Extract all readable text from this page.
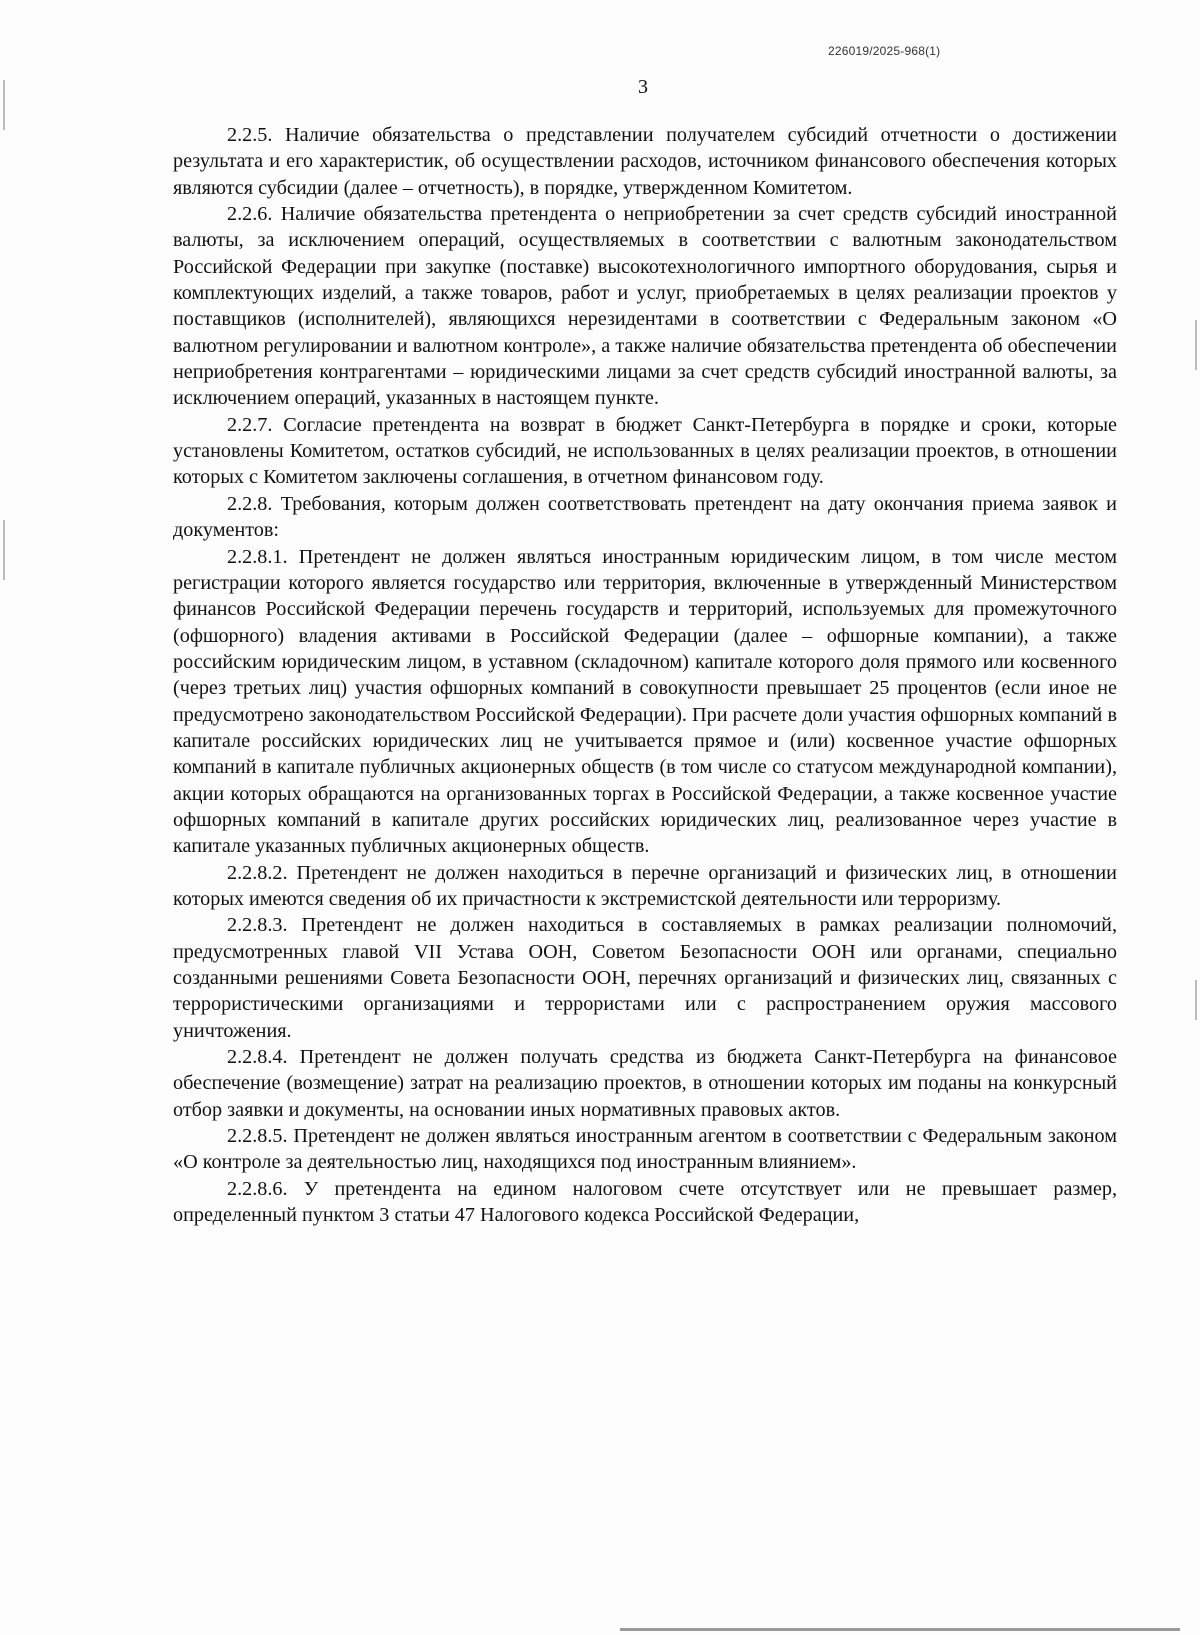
226019/2025-968(1)
3

2.2.5. Наличие обязательства о представлении получателем субсидий отчетности о достижении результата и его характеристик, об осуществлении расходов, источником финансового обеспечения которых являются субсидии (далее – отчетность), в порядке, утвержденном Комитетом.

2.2.6. Наличие обязательства претендента о неприобретении за счет средств субсидий иностранной валюты, за исключением операций, осуществляемых в соответствии с валютным законодательством Российской Федерации при закупке (поставке) высокотехнологичного импортного оборудования, сырья и комплектующих изделий, а также товаров, работ и услуг, приобретаемых в целях реализации проектов у поставщиков (исполнителей), являющихся нерезидентами в соответствии с Федеральным законом «О валютном регулировании и валютном контроле», а также наличие обязательства претендента об обеспечении неприобретения контрагентами – юридическими лицами за счет средств субсидий иностранной валюты, за исключением операций, указанных в настоящем пункте.

2.2.7. Согласие претендента на возврат в бюджет Санкт-Петербурга в порядке и сроки, которые установлены Комитетом, остатков субсидий, не использованных в целях реализации проектов, в отношении которых с Комитетом заключены соглашения, в отчетном финансовом году.

2.2.8. Требования, которым должен соответствовать претендент на дату окончания приема заявок и документов:

2.2.8.1. Претендент не должен являться иностранным юридическим лицом, в том числе местом регистрации которого является государство или территория, включенные в утвержденный Министерством финансов Российской Федерации перечень государств и территорий, используемых для промежуточного (офшорного) владения активами в Российской Федерации (далее – офшорные компании), а также российским юридическим лицом, в уставном (складочном) капитале которого доля прямого или косвенного (через третьих лиц) участия офшорных компаний в совокупности превышает 25 процентов (если иное не предусмотрено законодательством Российской Федерации). При расчете доли участия офшорных компаний в капитале российских юридических лиц не учитывается прямое и (или) косвенное участие офшорных компаний в капитале публичных акционерных обществ (в том числе со статусом международной компании), акции которых обращаются на организованных торгах в Российской Федерации, а также косвенное участие офшорных компаний в капитале других российских юридических лиц, реализованное через участие в капитале указанных публичных акционерных обществ.

2.2.8.2. Претендент не должен находиться в перечне организаций и физических лиц, в отношении которых имеются сведения об их причастности к экстремистской деятельности или терроризму.

2.2.8.3. Претендент не должен находиться в составляемых в рамках реализации полномочий, предусмотренных главой VII Устава ООН, Советом Безопасности ООН или органами, специально созданными решениями Совета Безопасности ООН, перечнях организаций и физических лиц, связанных с террористическими организациями и террористами или с распространением оружия массового уничтожения.

2.2.8.4. Претендент не должен получать средства из бюджета Санкт-Петербурга на финансовое обеспечение (возмещение) затрат на реализацию проектов, в отношении которых им поданы на конкурсный отбор заявки и документы, на основании иных нормативных правовых актов.

2.2.8.5. Претендент не должен являться иностранным агентом в соответствии с Федеральным законом «О контроле за деятельностью лиц, находящихся под иностранным влиянием».

2.2.8.6. У претендента на едином налоговом счете отсутствует или не превышает размер, определенный пунктом 3 статьи 47 Налогового кодекса Российской Федерации,
